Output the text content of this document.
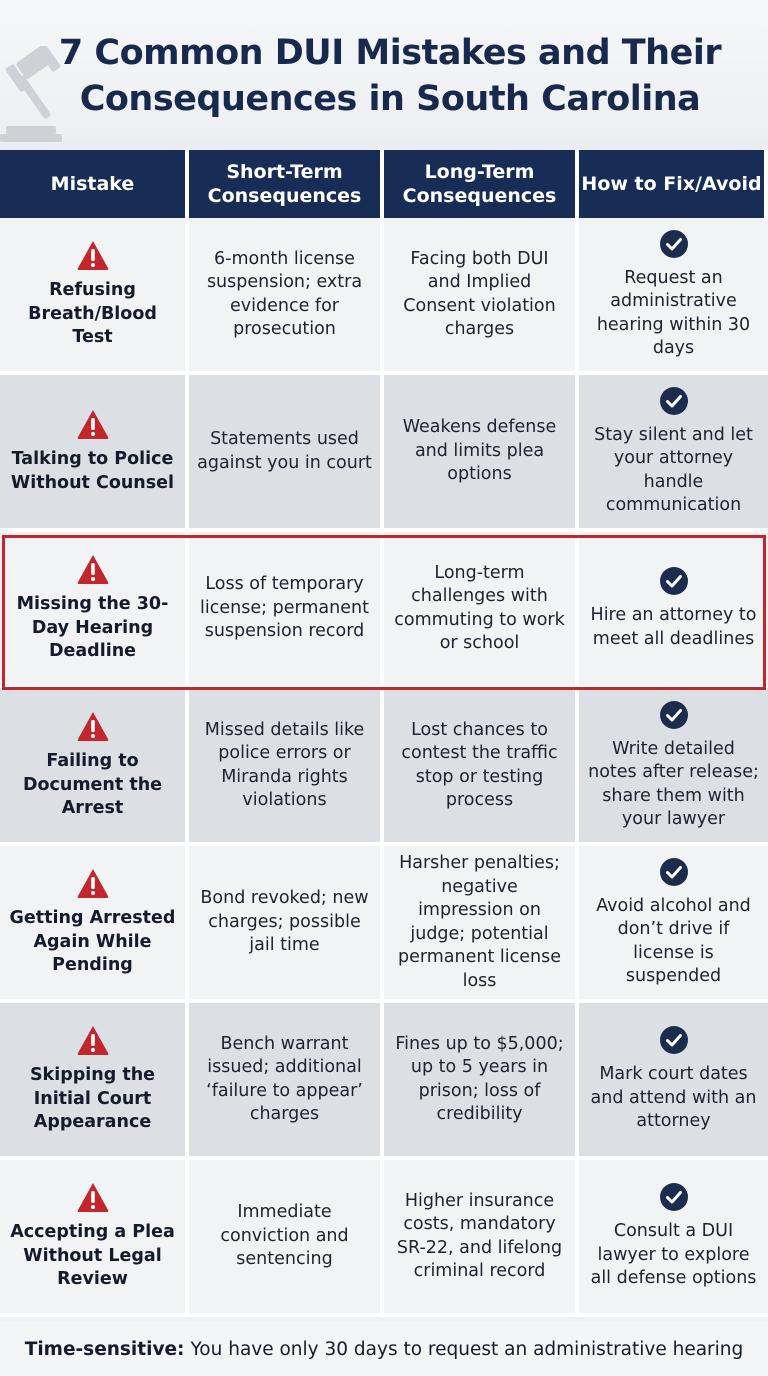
7 Common DUI Mistakes and Their Consequences in South Carolina
Mistake
Short-Term Consequences
Long-Term Consequences
How to Fix/Avoid
Refusing Breath/Blood Test
6-month license suspension; extra evidence for prosecution
Facing both DUI and Implied Consent violation charges
Request an administrative hearing within 30 days
Talking to Police Without Counsel
Statements used against you in court
Weakens defense and limits plea options
Stay silent and let your attorney handle communication
Missing the 30-Day Hearing Deadline
Loss of temporary license; permanent suspension record
Long-term challenges with commuting to work or school
Hire an attorney to meet all deadlines
Failing to Document the Arrest
Missed details like police errors or Miranda rights violations
Lost chances to contest the traffic stop or testing process
Write detailed notes after release; share them with your lawyer
Getting Arrested Again While Pending
Bond revoked; new charges; possible jail time
Harsher penalties; negative impression on judge; potential permanent license loss
Avoid alcohol and don’t drive if license is suspended
Skipping the Initial Court Appearance
Bench warrant issued; additional ‘failure to appear’ charges
Fines up to $5,000; up to 5 years in prison; loss of credibility
Mark court dates and attend with an attorney
Accepting a Plea Without Legal Review
Immediate conviction and sentencing
Higher insurance costs, mandatory SR-22, and lifelong criminal record
Consult a DUI lawyer to explore all defense options
Time-sensitive: You have only 30 days to request an administrative hearing
